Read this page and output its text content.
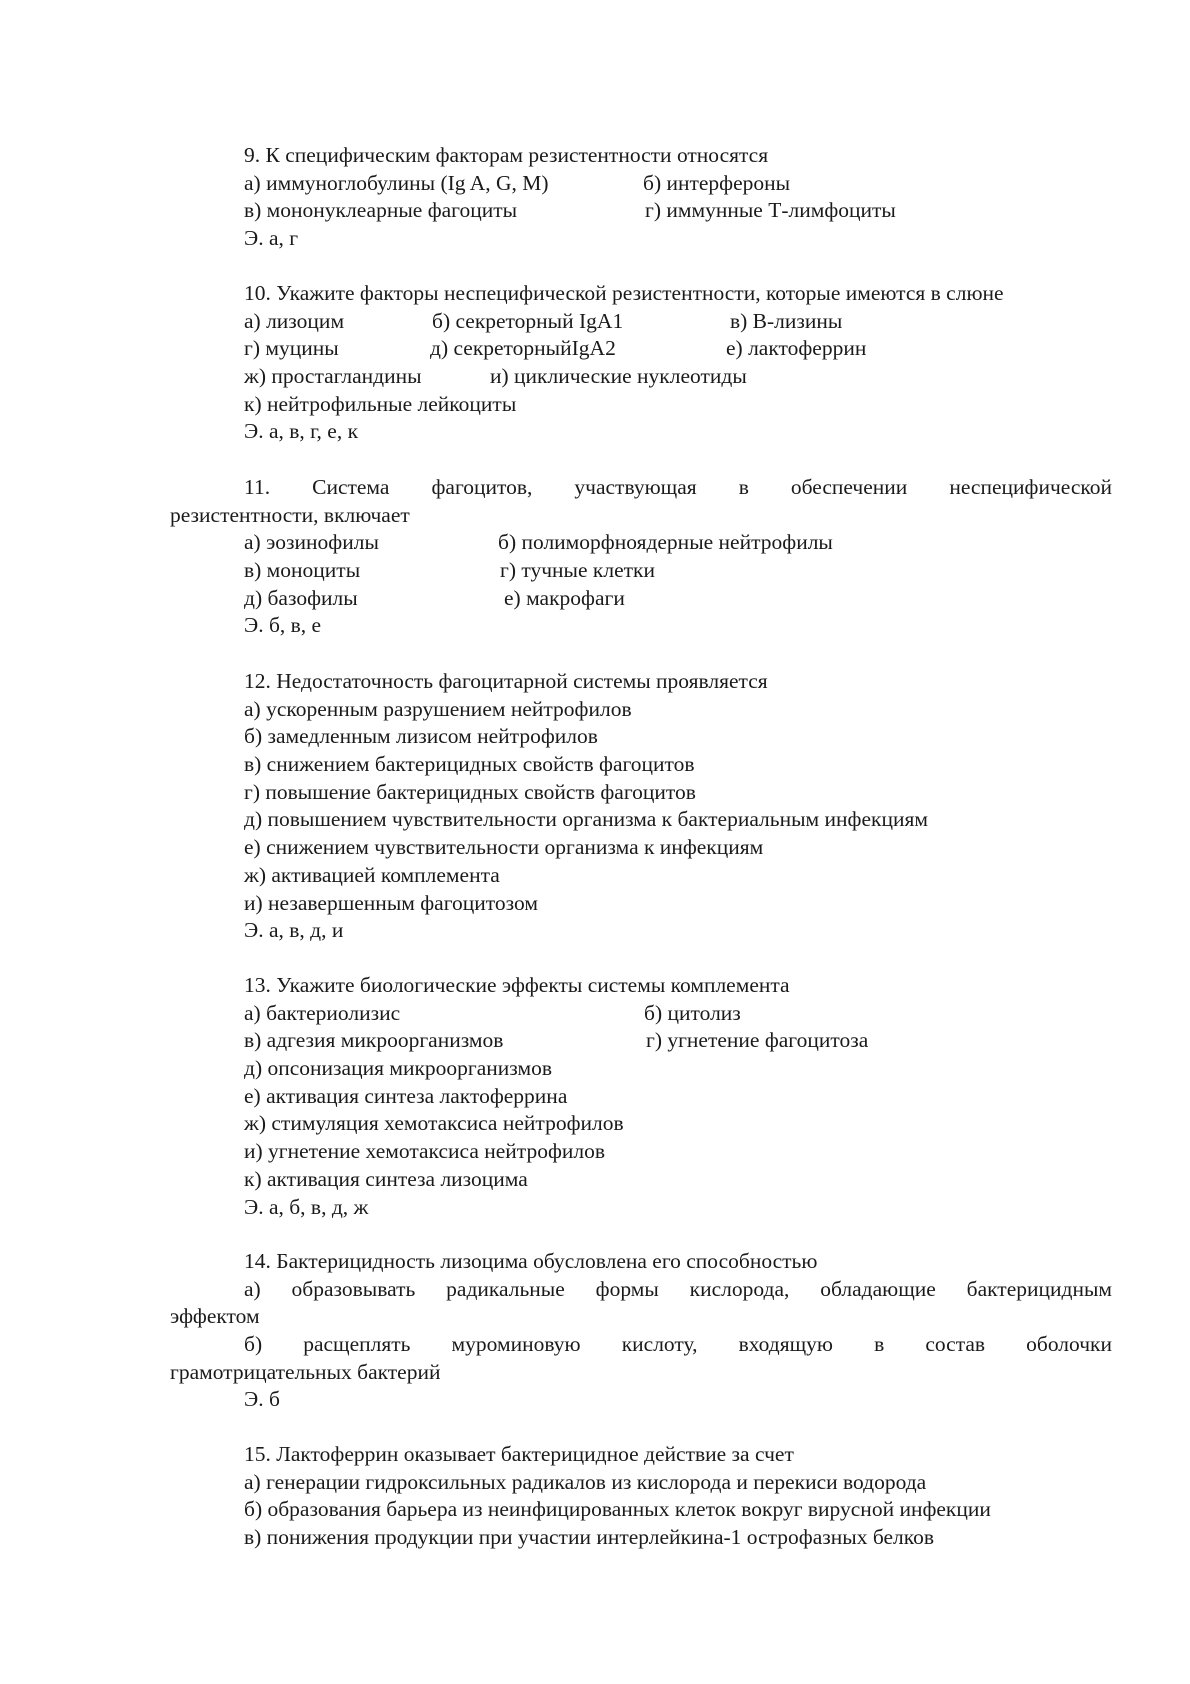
9. К специфическим факторам резистентности относятся
а) иммуноглобулины (Ig A, G, M)	б) интерфероны
в) мононуклеарные фагоциты	г) иммунные Т-лимфоциты
Э. а, г
10. Укажите факторы неспецифической резистентности, которые имеются в слюне
а) лизоцим	б) секреторный IgA1	в) В-лизины
г) муцины	д) секреторныйIgA2	е) лактоферрин
ж) простагландины	и) циклические нуклеотиды
к) нейтрофильные лейкоциты
Э. а, в, г, е, к
11. Система фагоцитов, участвующая в обеспечении неспецифической
резистентности, включает
а) эозинофилы	б) полиморфноядерные нейтрофилы
в) моноциты	г) тучные клетки
д) базофилы	е) макрофаги
Э. б, в, е
12. Недостаточность фагоцитарной системы проявляется
а) ускоренным разрушением нейтрофилов
б) замедленным лизисом нейтрофилов
в) снижением бактерицидных свойств фагоцитов
г) повышение бактерицидных свойств фагоцитов
д) повышением чувствительности организма к бактериальным инфекциям
е) снижением чувствительности организма к инфекциям
ж) активацией комплемента
и) незавершенным фагоцитозом
Э. а, в, д, и
13. Укажите биологические эффекты системы комплемента
а) бактериолизис	б) цитолиз
в) адгезия микроорганизмов	г) угнетение фагоцитоза
д) опсонизация микроорганизмов
е) активация синтеза лактоферрина
ж) стимуляция хемотаксиса нейтрофилов
и) угнетение хемотаксиса нейтрофилов
к) активация синтеза лизоцима
Э. а, б, в, д, ж
14. Бактерицидность лизоцима обусловлена его способностью
а) образовывать радикальные формы кислорода, обладающие бактерицидным
эффектом
б) расщеплять муроминовую кислоту, входящую в состав оболочки
грамотрицательных бактерий
Э. б
15. Лактоферрин оказывает бактерицидное действие за счет
а) генерации гидроксильных радикалов из кислорода и перекиси водорода
б) образования барьера из неинфицированных клеток вокруг вирусной инфекции
в) понижения продукции при участии интерлейкина-1 острофазных белков
